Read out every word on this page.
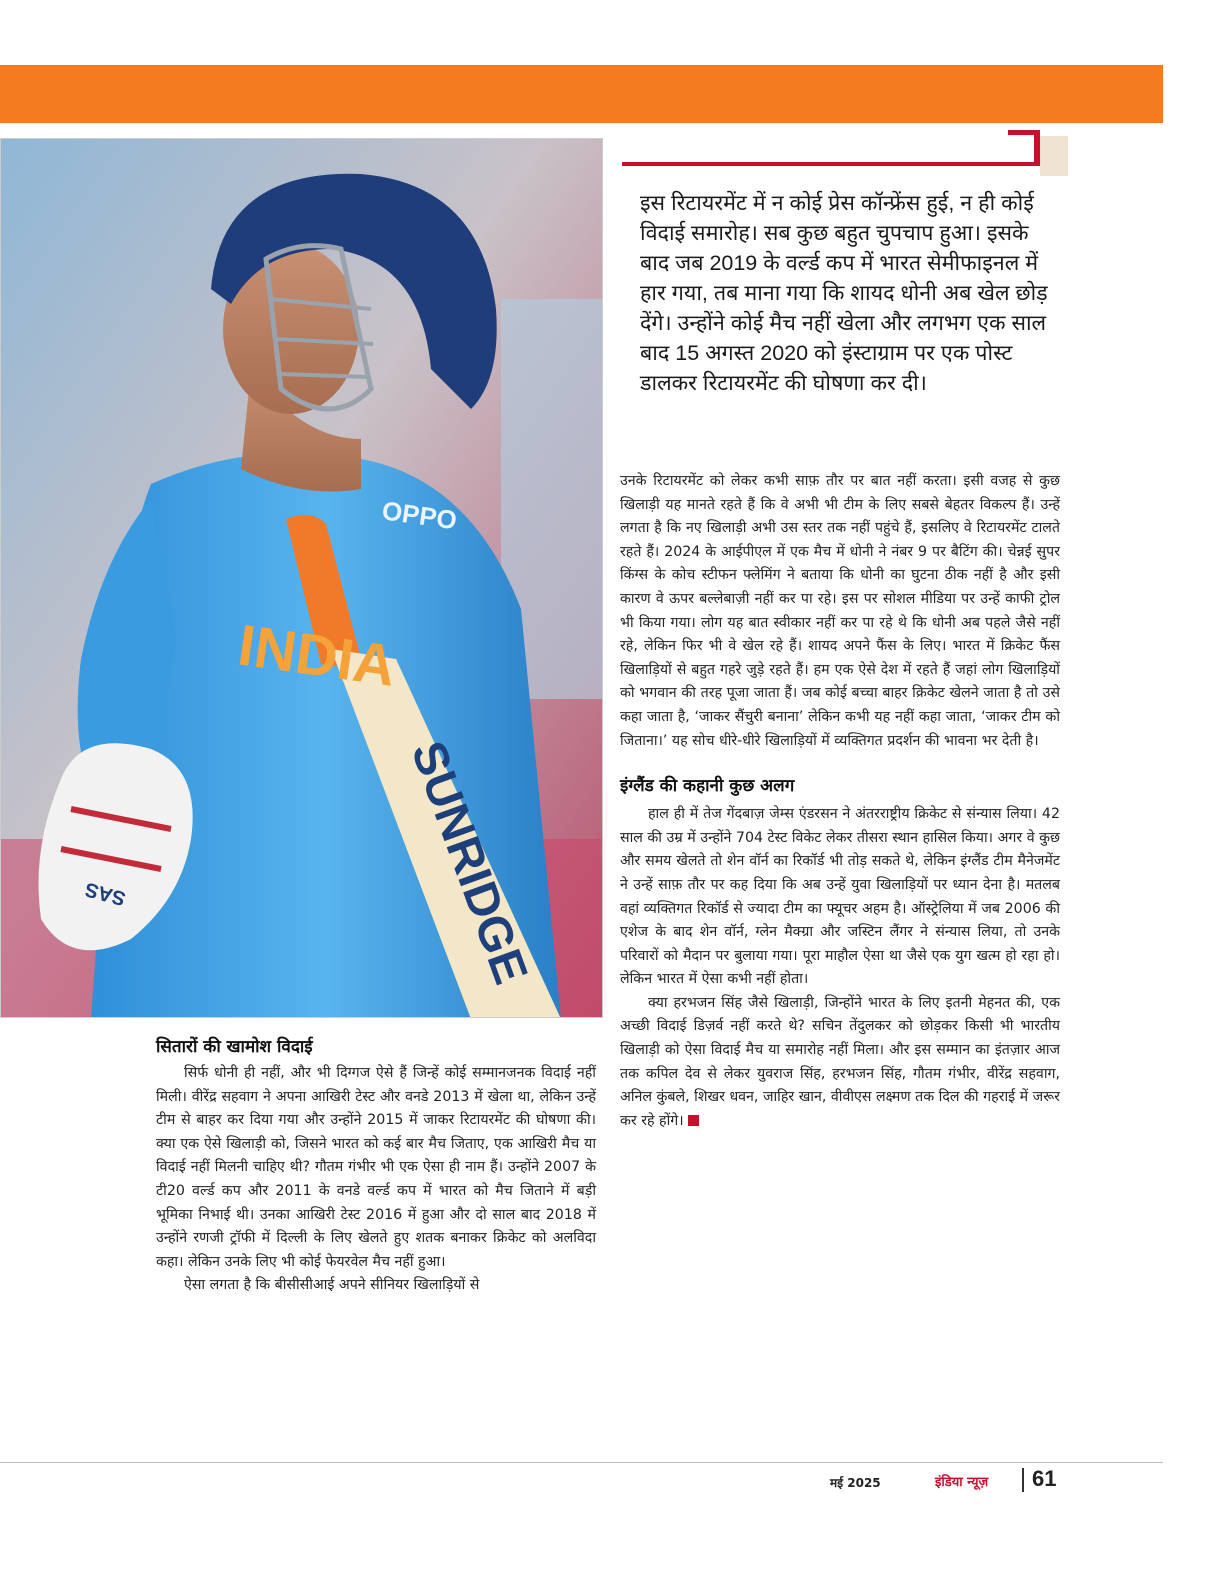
SUNRIDGE
INDIA
OPPO
SAS
इस रिटायरमेंट में न कोई प्रेस कॉन्फ्रेंस हुई, न ही कोई विदाई समारोह। सब कुछ बहुत चुपचाप हुआ। इसके बाद जब 2019 के वर्ल्ड कप में भारत सेमीफाइनल में हार गया, तब माना गया कि शायद धोनी अब खेल छोड़ देंगे। उन्होंने कोई मैच नहीं खेला और लगभग एक साल बाद 15 अगस्त 2020 को इंस्टाग्राम पर एक पोस्ट डालकर रिटायरमेंट की घोषणा कर दी।

उनके रिटायरमेंट को लेकर कभी साफ़ तौर पर बात नहीं करता। इसी वजह से कुछ खिलाड़ी यह मानते रहते हैं कि वे अभी भी टीम के लिए सबसे बेहतर विकल्प हैं। उन्हें लगता है कि नए खिलाड़ी अभी उस स्तर तक नहीं पहुंचे हैं, इसलिए वे रिटायरमेंट टालते रहते हैं। 2024 के आईपीएल में एक मैच में धोनी ने नंबर 9 पर बैटिंग की। चेन्नई सुपर किंग्स के कोच स्टीफन फ्लेमिंग ने बताया कि धोनी का घुटना ठीक नहीं है और इसी कारण वे ऊपर बल्लेबाज़ी नहीं कर पा रहे। इस पर सोशल मीडिया पर उन्हें काफी ट्रोल भी किया गया। लोग यह बात स्वीकार नहीं कर पा रहे थे कि धोनी अब पहले जैसे नहीं रहे, लेकिन फिर भी वे खेल रहे हैं। शायद अपने फैंस के लिए। भारत में क्रिकेट फैंस खिलाड़ियों से बहुत गहरे जुड़े रहते हैं। हम एक ऐसे देश में रहते हैं जहां लोग खिलाड़ियों को भगवान की तरह पूजा जाता हैं। जब कोई बच्चा बाहर क्रिकेट खेलने जाता है तो उसे कहा जाता है, ‘जाकर सैंचुरी बनाना’ लेकिन कभी यह नहीं कहा जाता, ‘जाकर टीम को जिताना।’ यह सोच धीरे-धीरे खिलाड़ियों में व्यक्तिगत प्रदर्शन की भावना भर देती है।

इंग्लैंड की कहानी कुछ अलग

हाल ही में तेज गेंदबाज़ जेम्स एंडरसन ने अंतरराष्ट्रीय क्रिकेट से संन्यास लिया। 42 साल की उम्र में उन्होंने 704 टेस्ट विकेट लेकर तीसरा स्थान हासिल किया। अगर वे कुछ और समय खेलते तो शेन वॉर्न का रिकॉर्ड भी तोड़ सकते थे, लेकिन इंग्लैंड टीम मैनेजमेंट ने उन्हें साफ़ तौर पर कह दिया कि अब उन्हें युवा खिलाड़ियों पर ध्यान देना है। मतलब वहां व्यक्तिगत रिकॉर्ड से ज्यादा टीम का फ्यूचर अहम है। ऑस्ट्रेलिया में जब 2006 की एशेज के बाद शेन वॉर्न, ग्लेन मैक्ग्रा और जस्टिन लैंगर ने संन्यास लिया, तो उनके परिवारों को मैदान पर बुलाया गया। पूरा माहौल ऐसा था जैसे एक युग खत्म हो रहा हो। लेकिन भारत में ऐसा कभी नहीं होता।

क्या हरभजन सिंह जैसे खिलाड़ी, जिन्होंने भारत के लिए इतनी मेहनत की, एक अच्छी विदाई डिज़र्व नहीं करते थे? सचिन तेंदुलकर को छोड़कर किसी भी भारतीय खिलाड़ी को ऐसा विदाई मैच या समारोह नहीं मिला। और इस सम्मान का इंतज़ार आज तक कपिल देव से लेकर युवराज सिंह, हरभजन सिंह, गौतम गंभीर, वीरेंद्र सहवाग, अनिल कुंबले, शिखर धवन, जाहिर खान, वीवीएस लक्ष्मण तक दिल की गहराई में जरूर कर रहे होंगे।

सितारों की खामोश विदाई

सिर्फ धोनी ही नहीं, और भी दिग्गज ऐसे हैं जिन्हें कोई सम्मानजनक विदाई नहीं मिली। वीरेंद्र सहवाग ने अपना आखिरी टेस्ट और वनडे 2013 में खेला था, लेकिन उन्हें टीम से बाहर कर दिया गया और उन्होंने 2015 में जाकर रिटायरमेंट की घोषणा की। क्या एक ऐसे खिलाड़ी को, जिसने भारत को कई बार मैच जिताए, एक आखिरी मैच या विदाई नहीं मिलनी चाहिए थी? गौतम गंभीर भी एक ऐसा ही नाम हैं। उन्होंने 2007 के टी20 वर्ल्ड कप और 2011 के वनडे वर्ल्ड कप में भारत को मैच जिताने में बड़ी भूमिका निभाई थी। उनका आखिरी टेस्ट 2016 में हुआ और दो साल बाद 2018 में उन्होंने रणजी ट्रॉफी में दिल्ली के लिए खेलते हुए शतक बनाकर क्रिकेट को अलविदा कहा। लेकिन उनके लिए भी कोई फेयरवेल मैच नहीं हुआ।

ऐसा लगता है कि बीसीसीआई अपने सीनियर खिलाड़ियों से

मई 2025	इंडिया न्यूज़ 61
